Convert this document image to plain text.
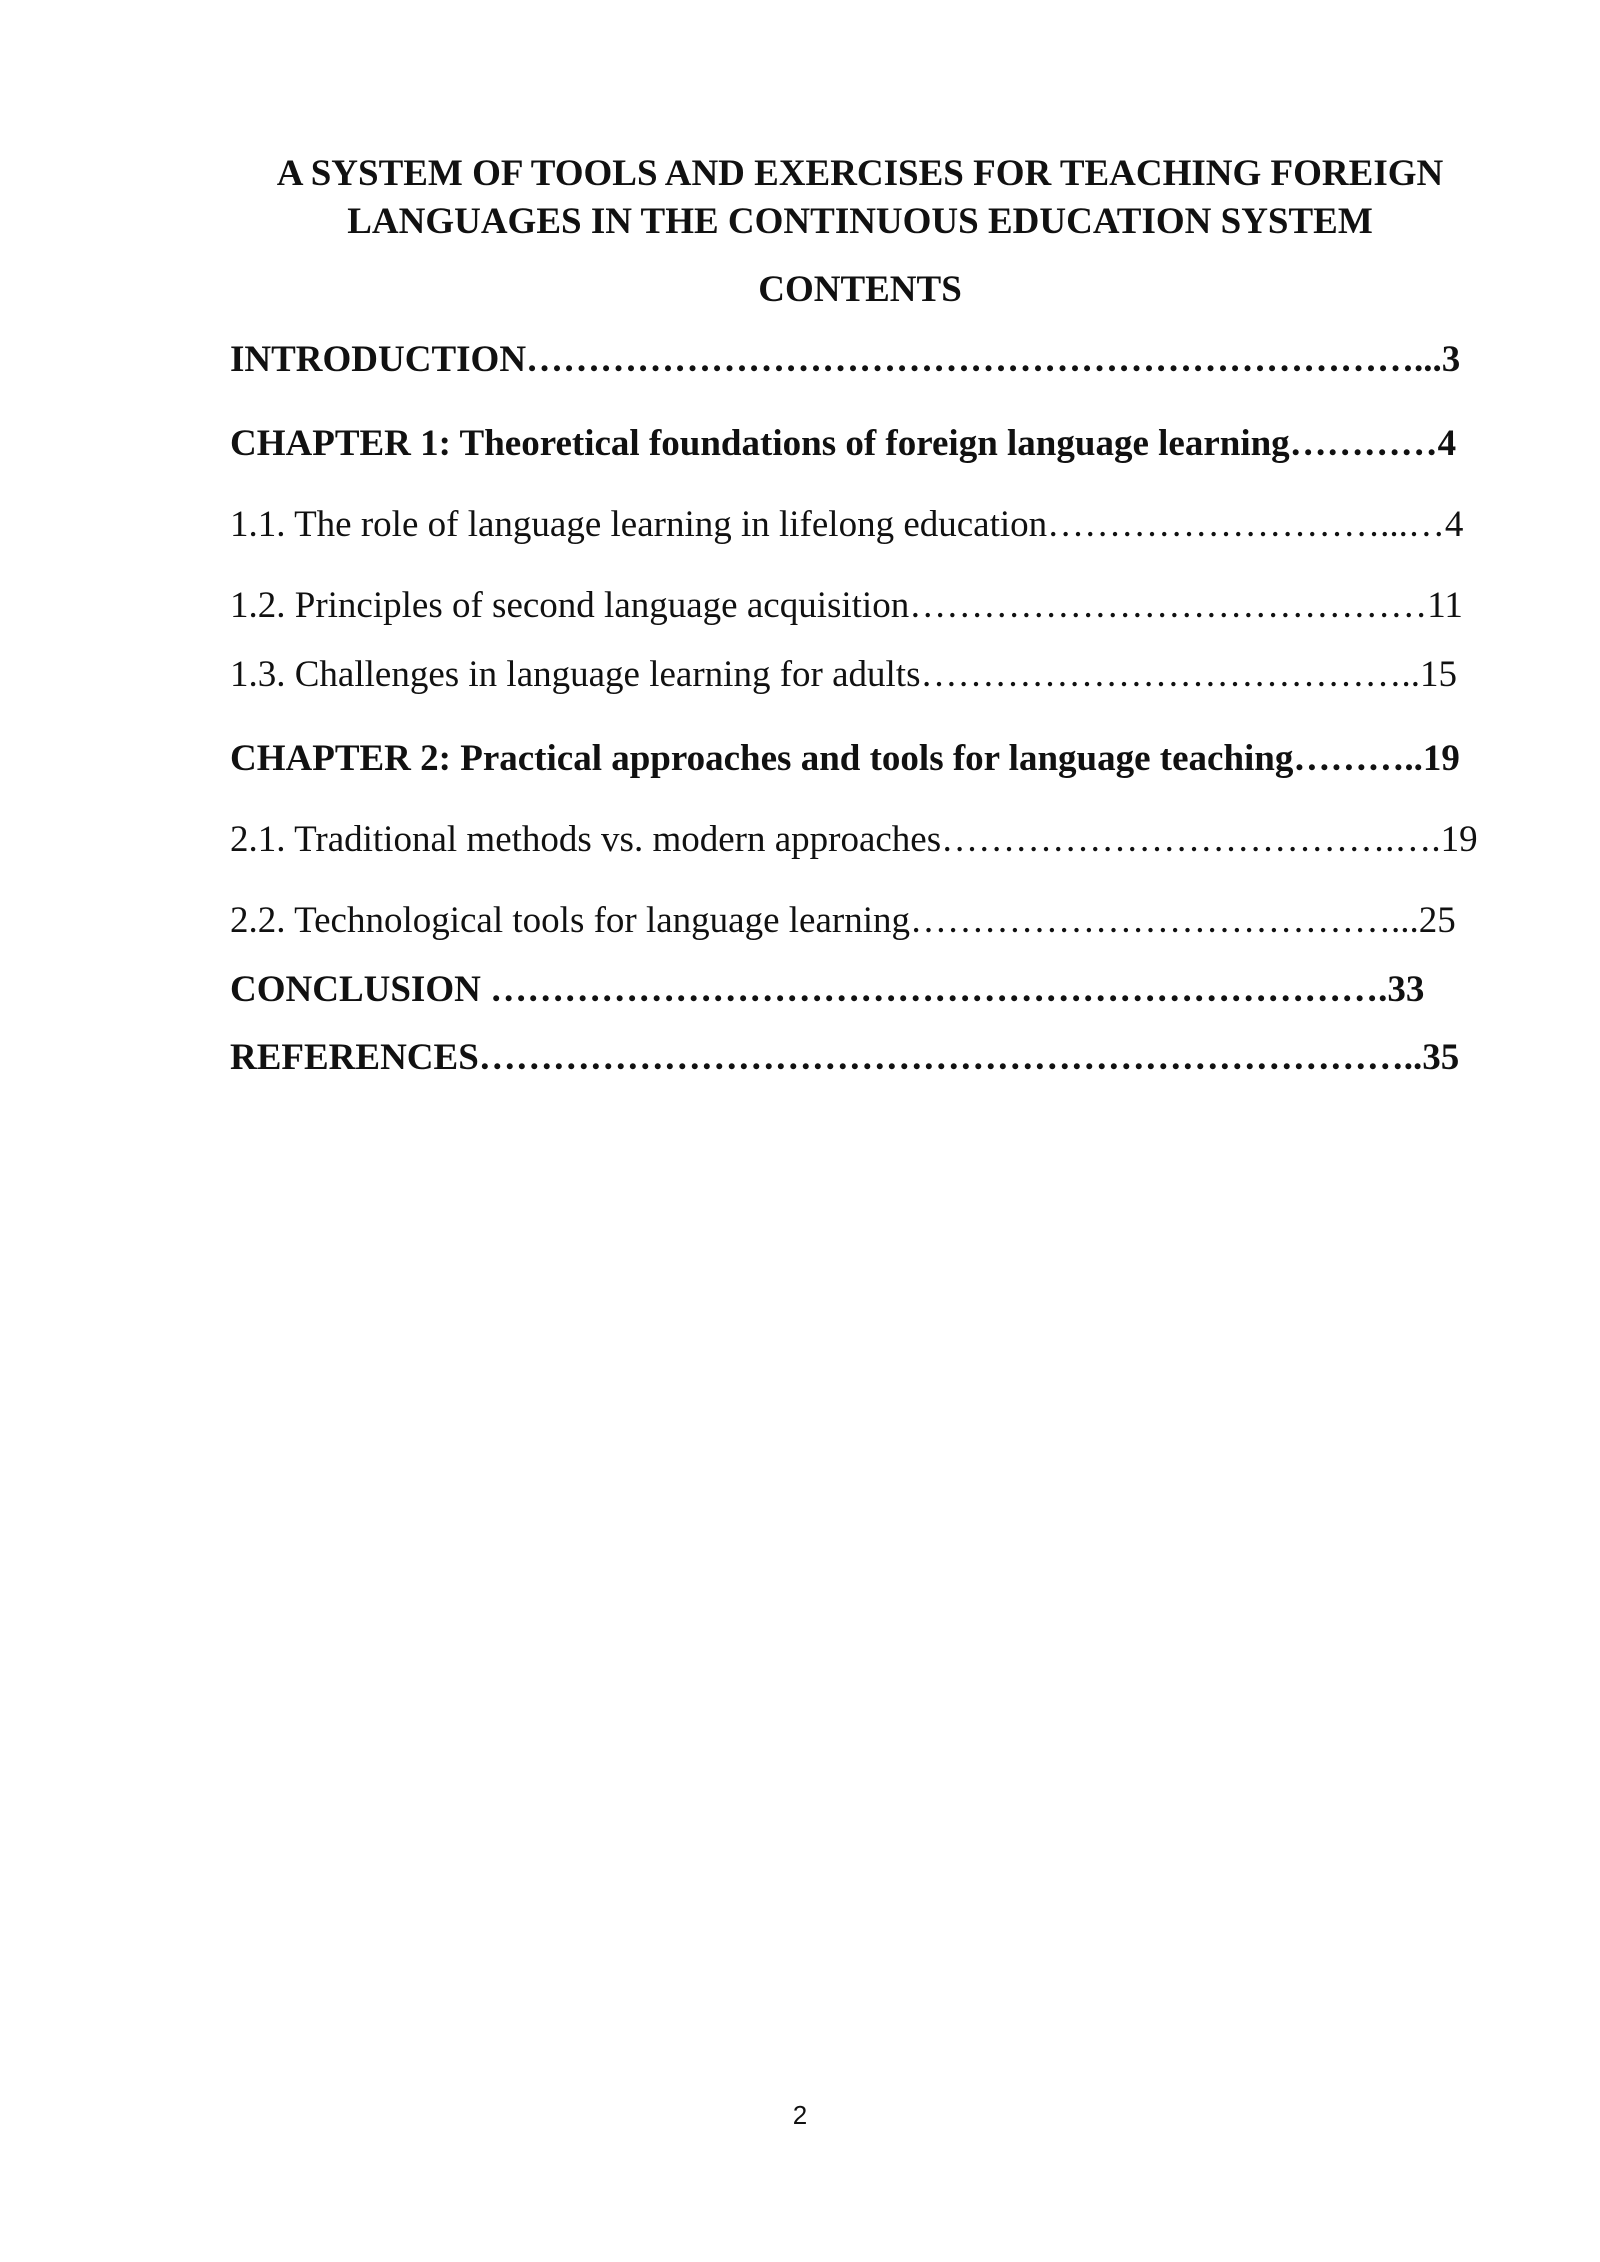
A SYSTEM OF TOOLS AND EXERCISES FOR TEACHING FOREIGN
LANGUAGES IN THE CONTINUOUS EDUCATION SYSTEM
CONTENTS
INTRODUCTION………………………………………………………………...3
CHAPTER 1: Theoretical foundations of foreign language learning…………4
1.1. The role of language learning in lifelong education………………………...…4
1.2. Principles of second language acquisition……………………………………11
1.3. Challenges in language learning for adults…………………………………..15
CHAPTER 2: Practical approaches and tools for language teaching………..19
2.1. Traditional methods vs. modern approaches……………………………….….19
2.2. Technological tools for language learning…………………………………...25
CONCLUSION ……………………………………………………………….33
REFERENCES…………………………………………………………………..35
2
